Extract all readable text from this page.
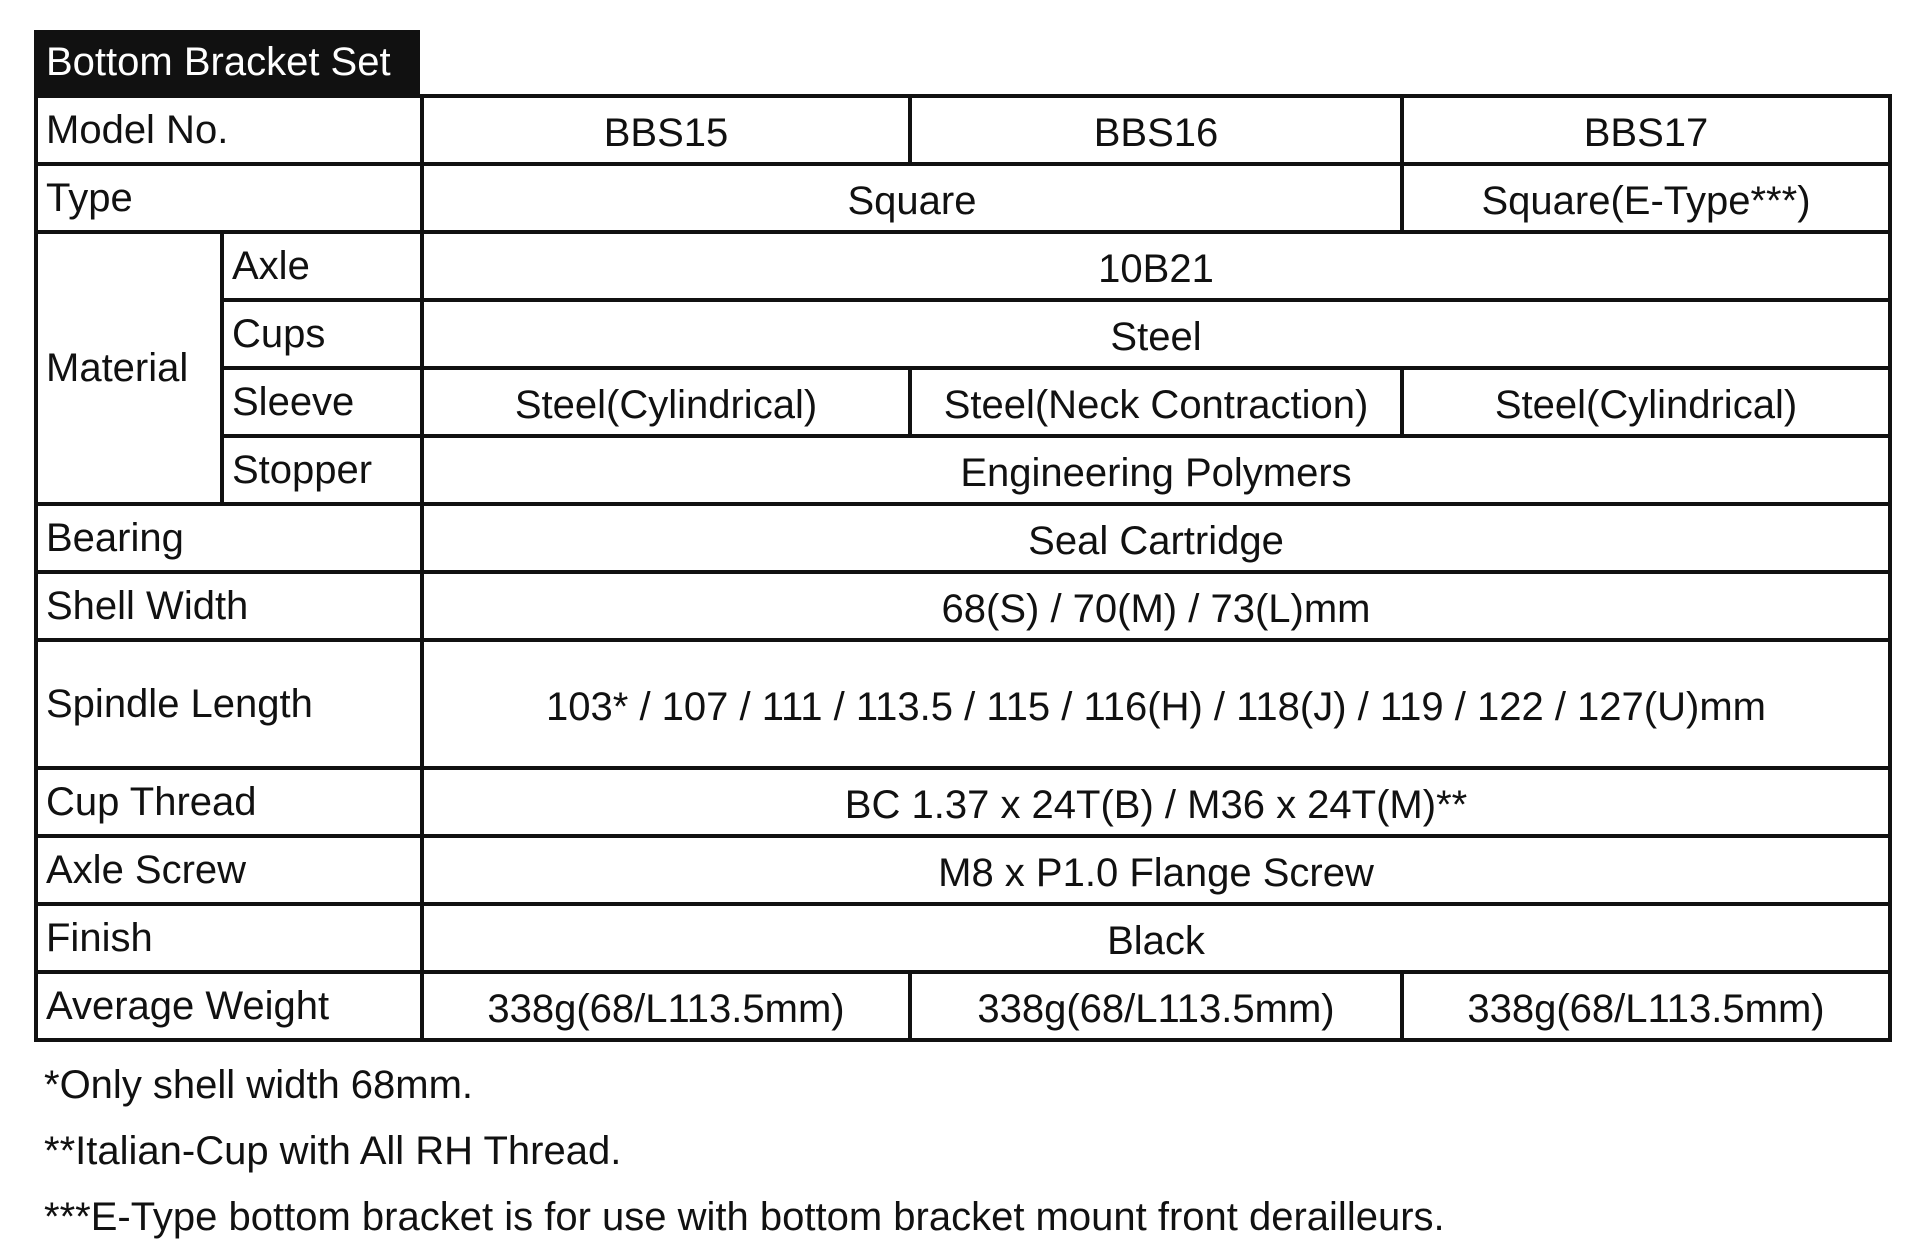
Bottom Bracket Set
Model No.		BBS15	BBS16	BBS17
Type		Square		Square(E-Type***)
Material	Axle	10B21		
	Cups	Steel		
	Sleeve	Steel(Cylindrical)	Steel(Neck Contraction)	Steel(Cylindrical)
	Stopper	Engineering Polymers		
Bearing		Seal Cartridge		
Shell Width		68(S) / 70(M) / 73(L)mm		
Spindle Length		103* / 107 / 111 / 113.5 / 115 / 116(H) / 118(J) / 119 / 122 / 127(U)mm		
Cup Thread		BC 1.37 x 24T(B) / M36 x 24T(M)**		
Axle Screw		M8 x P1.0 Flange Screw		
Finish		Black		
Average Weight		338g(68/L113.5mm)	338g(68/L113.5mm)	338g(68/L113.5mm)
*Only shell width 68mm.
**Italian-Cup with All RH Thread.
***E-Type bottom bracket is for use with bottom bracket mount front derailleurs.
